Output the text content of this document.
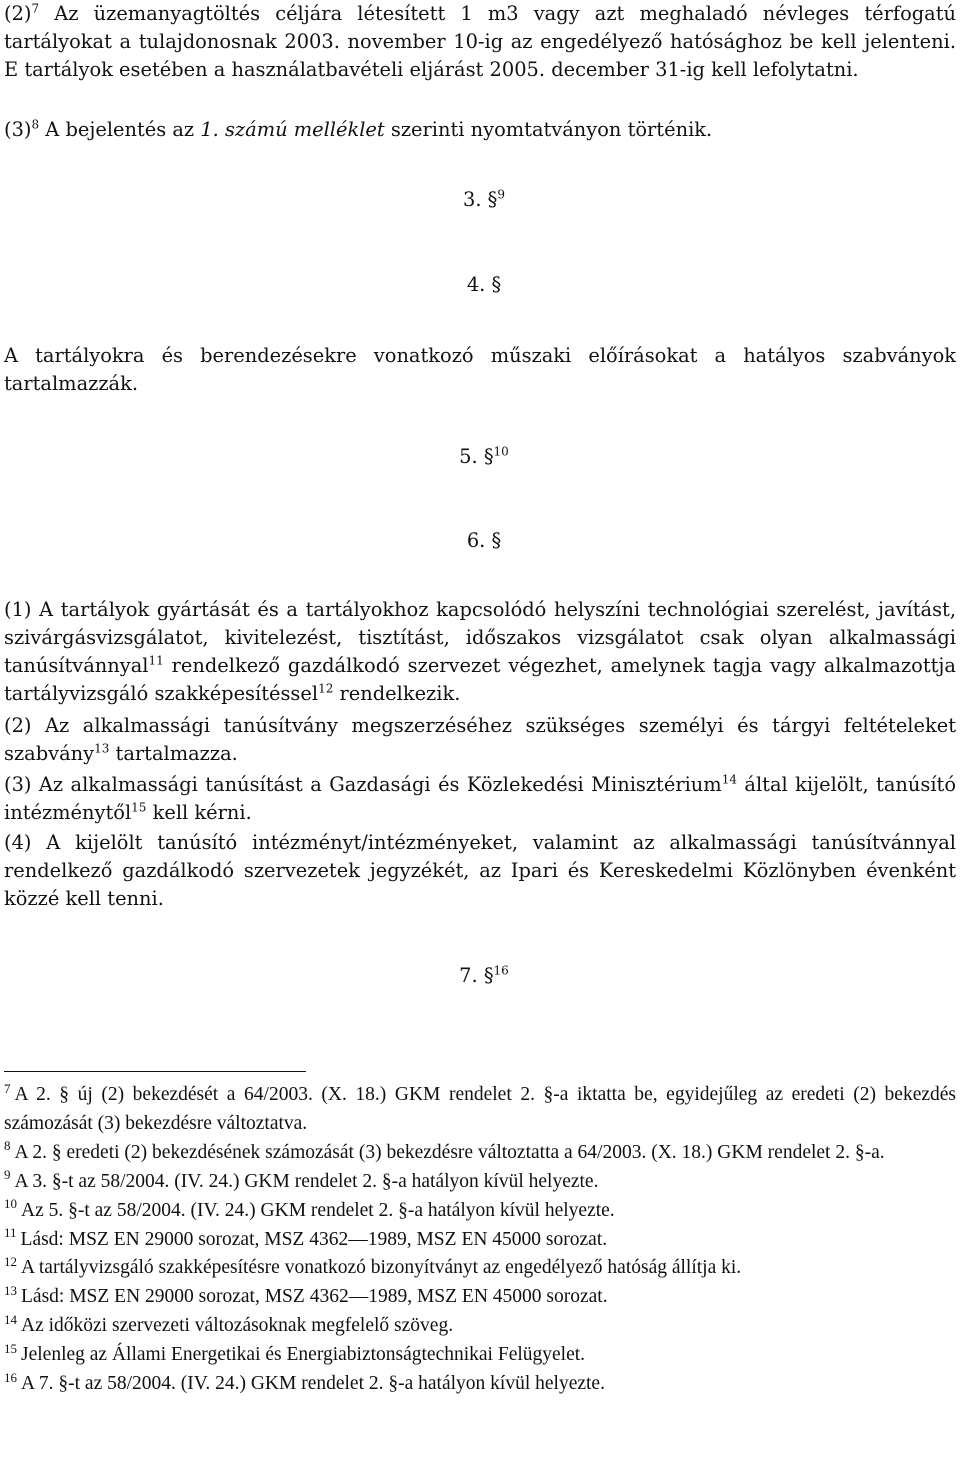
$(2)^7$ Az üzemanyagtöltés céljára létesített 1 m3 vagy azt meghaladó névleges térfogatú tartályokat a tulajdonosnak 2003. november 10-ig az engedélyező hatósághoz be kell jelenteni. E tartályok esetében a használatbavételi eljárást 2005. december 31-ig kell lefolytatni.

$(3)^8$ A bejelentés az 1. számú melléklet szerinti nyomtatványon történik.

3. §$^9$
4. §

A tartályokra és berendezésekre vonatkozó műszaki előírásokat a hatályos szabványok tartalmazzák.

5. §$^{10}$
6. §

(1) A tartályok gyártását és a tartályokhoz kapcsolódó helyszíni technológiai szerelést, javítást, szivárgásvizsgálatot, kivitelezést, tisztítást, időszakos vizsgálatot csak olyan alkalmassági tanúsítvánnyal$^{11}$ rendelkező gazdálkodó szervezet végezhet, amelynek tagja vagy alkalmazottja tartályvizsgáló szakképesítéssel$^{12}$ rendelkezik.

(2) Az alkalmassági tanúsítvány megszerzéséhez szükséges személyi és tárgyi feltételeket szabvány$^{13}$ tartalmazza.

(3) Az alkalmassági tanúsítást a Gazdasági és Közlekedési Minisztérium$^{14}$ által kijelölt, tanúsító intézménytől$^{15}$ kell kérni.

(4) A kijelölt tanúsító intézményt/intézményeket, valamint az alkalmassági tanúsítvánnyal rendelkező gazdálkodó szervezetek jegyzékét, az Ipari és Kereskedelmi Közlönyben évenként közzé kell tenni.

7. §$^{16}$

$^7$ A 2. § új (2) bekezdését a 64/2003. (X. 18.) GKM rendelet 2. §-a iktatta be, egyidejűleg az eredeti (2) bekezdés számozását (3) bekezdésre változtatva.

$^8$ A 2. § eredeti (2) bekezdésének számozását (3) bekezdésre változtatta a 64/2003. (X. 18.) GKM rendelet 2. §-a.

$^9$ A 3. §-t az 58/2004. (IV. 24.) GKM rendelet 2. §-a hatályon kívül helyezte.

$^{10}$ Az 5. §-t az 58/2004. (IV. 24.) GKM rendelet 2. §-a hatályon kívül helyezte.

$^{11}$ Lásd: MSZ EN 29000 sorozat, MSZ 4362—1989, MSZ EN 45000 sorozat.

$^{12}$ A tartályvizsgáló szakképesítésre vonatkozó bizonyítványt az engedélyező hatóság állítja ki.

$^{13}$ Lásd: MSZ EN 29000 sorozat, MSZ 4362—1989, MSZ EN 45000 sorozat.

$^{14}$ Az időközi szervezeti változásoknak megfelelő szöveg.

$^{15}$ Jelenleg az Állami Energetikai és Energiabiztonságtechnikai Felügyelet.

$^{16}$ A 7. §-t az 58/2004. (IV. 24.) GKM rendelet 2. §-a hatályon kívül helyezte.
